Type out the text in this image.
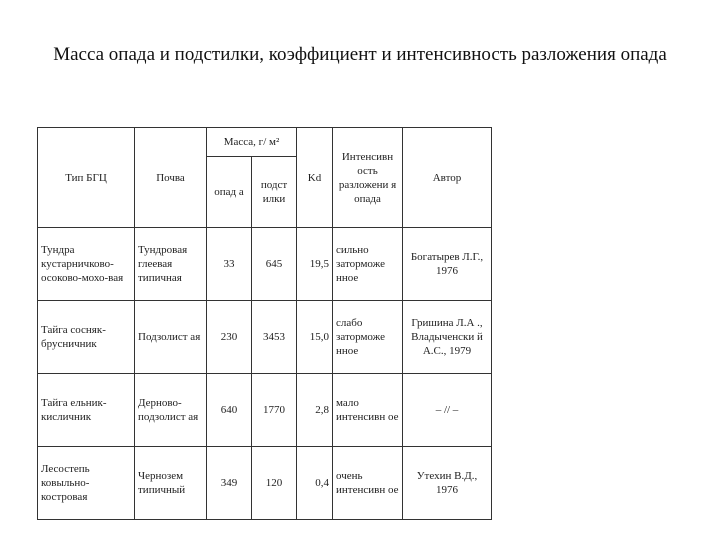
Масса опада и подстилки, коэффициент и интенсивность разложения опада
Тип БГЦ	Почва	Масса, г/ м²		Kd	Интенсивн ость разложени я опада	Автор
		опад а	подст илки			
Тундра кустарничково-осоково-мохо-вая	Тундровая глеевая типичная	33	645	19,5	сильно заторможе нное	Богатырев Л.Г., 1976
Тайга сосняк-брусничник	Подзолист ая	230	3453	15,0	слабо заторможе нное	Гришина Л.А ., Владыченски й А.С., 1979
Тайга ельник-кисличник	Дерново-подзолист ая	640	1770	2,8	мало интенсивн ое	– // –
Лесостепь ковыльно-костровая	Чернозем типичный	349	120	0,4	очень интенсивн ое	Утехин В.Д., 1976
